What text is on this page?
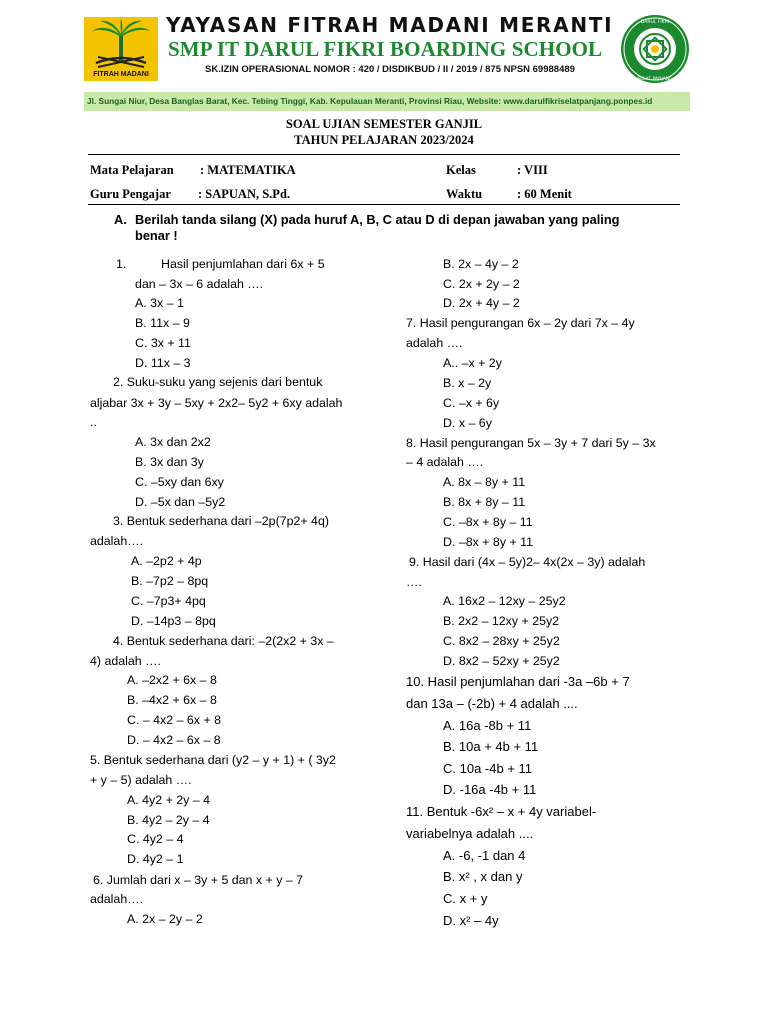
FITRAH MADANI
YAYASAN FITRAH MADANI MERANTI
SMP IT DARUL FIKRI BOARDING SCHOOL
SK.IZIN OPERASIONAL NOMOR : 420 / DISDIKBUD / II / 2019 / 875 NPSN 69988489
DARUL FIKRI
SELAT PANJANG
Jl. Sungai Niur, Desa Banglas Barat, Kec. Tebing Tinggi, Kab. Kepulauan Meranti, Provinsi Riau, Website: www.darulfikriselatpanjang.ponpes.id
SOAL UJIAN SEMESTER GANJIL
TAHUN PELAJARAN 2023/2024
Mata Pelajaran : MATEMATIKA	Kelas	: VIII
Guru Pengajar : SAPUAN, S.Pd.	Waktu	: 60 Menit
A. Berilah tanda silang (X) pada huruf A, B, C atau D di depan jawaban yang paling benar !
1.	Hasil penjumlahan dari 6x + 5
dan – 3x – 6 adalah ….
A. 3x – 1
B. 11x – 9
C. 3x + 11
D. 11x – 3
2. Suku-suku yang sejenis dari bentuk
aljabar 3x + 3y – 5xy + 2x2– 5y2 + 6xy adalah
..
A. 3x dan 2x2
B. 3x dan 3y
C. –5xy dan 6xy
D. –5x dan –5y2
3. Bentuk sederhana dari –2p(7p2+ 4q)
adalah….
A. –2p2 + 4p
B. –7p2 – 8pq
C. –7p3+ 4pq
D. –14p3 – 8pq
4. Bentuk sederhana dari: –2(2x2 + 3x –
4) adalah ….
A. –2x2 + 6x – 8
B. –4x2 + 6x – 8
C. – 4x2 – 6x + 8
D. – 4x2 – 6x – 8
5. Bentuk sederhana dari (y2 – y + 1) + ( 3y2
+ y – 5) adalah ….
A. 4y2 + 2y – 4
B. 4y2 – 2y – 4
C. 4y2 – 4
D. 4y2 – 1
6. Jumlah dari x – 3y + 5 dan x + y – 7
adalah….
A. 2x – 2y – 2
B. 2x – 4y – 2
C. 2x + 2y – 2
D. 2x + 4y – 2
7. Hasil pengurangan 6x – 2y dari 7x – 4y
adalah ….
A.. –x + 2y
B. x – 2y
C. –x + 6y
D. x – 6y
8. Hasil pengurangan 5x – 3y + 7 dari 5y – 3x
– 4 adalah ….
A. 8x – 8y + 11
B. 8x + 8y – 11
C. –8x + 8y – 11
D. –8x + 8y + 11
9. Hasil dari (4x – 5y)2– 4x(2x – 3y) adalah
….
A. 16x2 – 12xy – 25y2
B. 2x2 – 12xy + 25y2
C. 8x2 – 28xy + 25y2
D. 8x2 – 52xy + 25y2
10. Hasil penjumlahan dari -3a –6b + 7
dan 13a – (-2b) + 4 adalah ....
A. 16a -8b + 11
B. 10a + 4b + 11
C. 10a -4b + 11
D. -16a -4b + 11
11. Bentuk -6x² – x + 4y variabel-
variabelnya adalah ....
A. -6, -1 dan 4
B. x² , x dan y
C. x + y
D. x² – 4y
